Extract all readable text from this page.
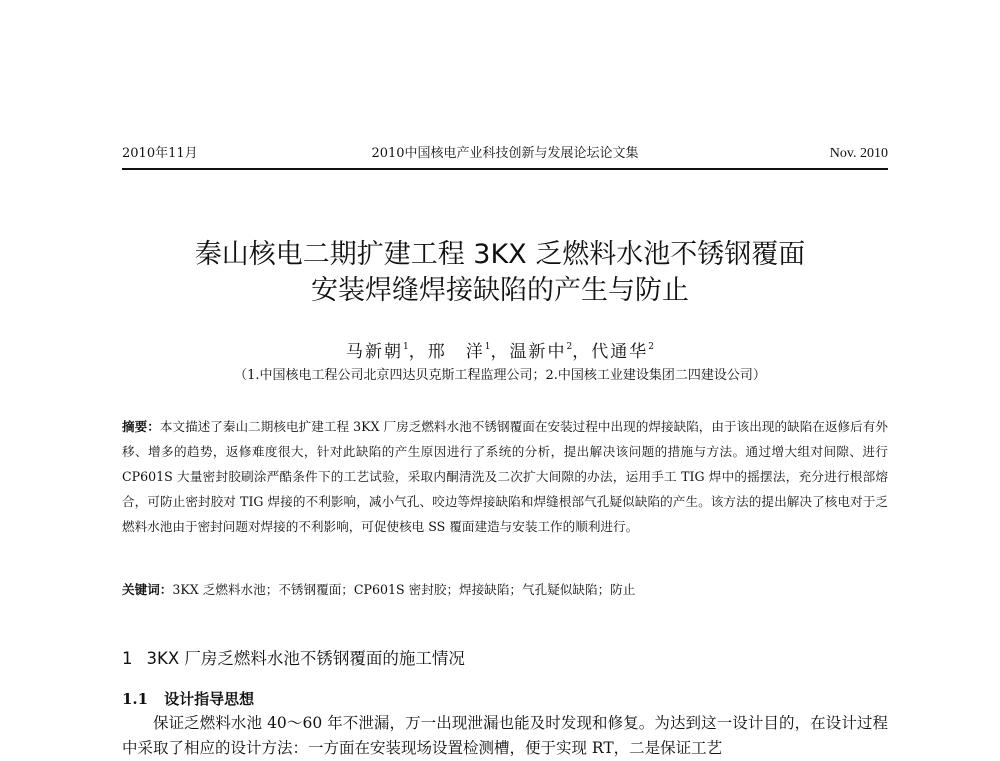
2010年11月	2010中国核电产业科技创新与发展论坛论文集	Nov. 2010
秦山核电二期扩建工程 3KX 乏燃料水池不锈钢覆面
安装焊缝焊接缺陷的产生与防止
马新朝$^1$，邢　洋$^1$，温新中$^2$，代通华$^2$
（1.中国核电工程公司北京四达贝克斯工程监理公司；2.中国核工业建设集团二四建设公司）
摘要：本文描述了秦山二期核电扩建工程 3KX 厂房乏燃料水池不锈钢覆面在安装过程中出现的焊接缺陷，由于该出现的缺陷在返修后有外移、增多的趋势，返修难度很大，针对此缺陷的产生原因进行了系统的分析，提出解决该问题的措施与方法。通过增大组对间隙、进行 CP601S 大量密封胶刷涂严酷条件下的工艺试验，采取内酮清洗及二次扩大间隙的办法，运用手工 TIG 焊中的摇摆法，充分进行根部熔合，可防止密封胶对 TIG 焊接的不利影响，减小气孔、咬边等焊接缺陷和焊缝根部气孔疑似缺陷的产生。该方法的提出解决了核电对于乏燃料水池由于密封问题对焊接的不利影响，可促使核电 SS 覆面建造与安装工作的顺利进行。
关键词：3KX 乏燃料水池；不锈钢覆面；CP601S 密封胶；焊接缺陷；气孔疑似缺陷；防止
1 3KX 厂房乏燃料水池不锈钢覆面的施工情况
1.1 设计指导思想
保证乏燃料水池 40～60 年不泄漏，万一出现泄漏也能及时发现和修复。为达到这一设计目的，在设计过程中采取了相应的设计方法：一方面在安装现场设置检测槽，便于实现 RT，二是保证工艺
